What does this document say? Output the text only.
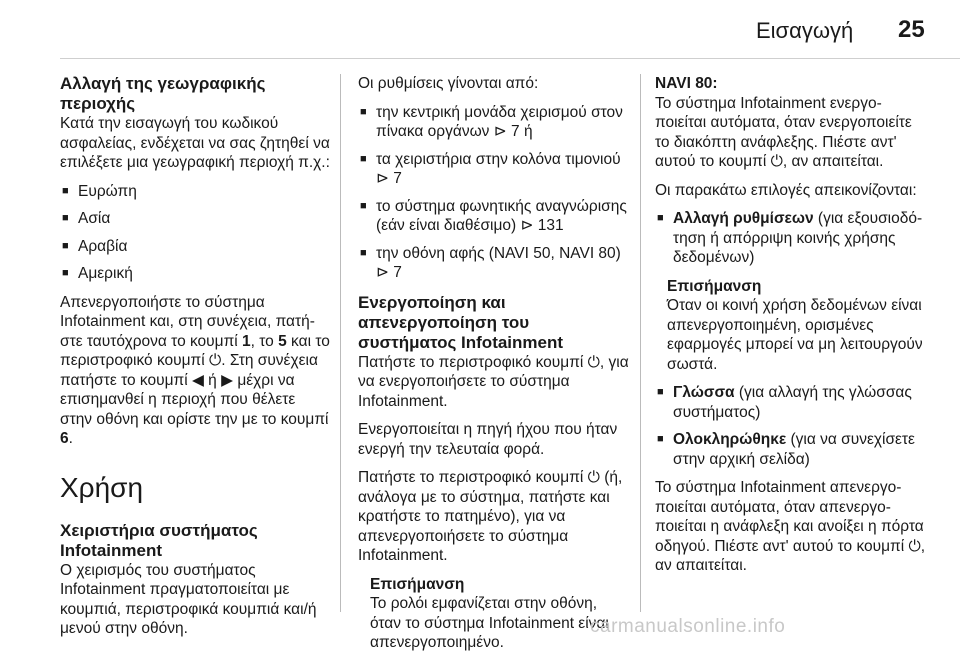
Εισαγωγή 25
Αλλαγή της γεωγραφικής περιοχής

Κατά την εισαγωγή του κωδικού ασφαλείας, ενδέχεται να σας ζητηθεί να επιλέξετε μια γεωγραφική περιοχή π.χ.:

■ Ευρώπη
■ Ασία
■ Αραβία
■ Αμερική

Απενεργοποιήστε το σύστημα Infotainment και, στη συνέχεια, πατήστε ταυτόχρονα το κουμπί 1, το 5 και το περιστροφικό κουμπί ⏻. Στη συνέχεια πατήστε το κουμπί ◀ ή ▶ μέχρι να επισημανθεί η περιοχή που θέλετε στην οθόνη και ορίστε την με το κουμπί 6.

Χρήση
Χειριστήρια συστήματος Infotainment

Ο χειρισμός του συστήματος Infotainment πραγματοποιείται με κουμπιά, περιστροφικά κουμπιά και/ή μενού στην οθόνη.

Οι ρυθμίσεις γίνονται από:

■ την κεντρική μονάδα χειρισμού στον πίνακα οργάνων ⊳ 7 ή
■ τα χειριστήρια στην κολόνα τιμονιού ⊳ 7
■ το σύστημα φωνητικής αναγνώρισης (εάν είναι διαθέσιμο) ⊳ 131
■ την οθόνη αφής (NAVI 50, NAVI 80) ⊳ 7
Ενεργοποίηση και απενεργοποίηση του συστήματος Infotainment

Πατήστε το περιστροφικό κουμπί ⏻, για να ενεργοποιήσετε το σύστημα Infotainment.

Ενεργοποιείται η πηγή ήχου που ήταν ενεργή την τελευταία φορά.

Πατήστε το περιστροφικό κουμπί ⏻ (ή, ανάλογα με το σύστημα, πατήστε και κρατήστε το πατημένο), για να απενεργοποιήσετε το σύστημα Infotainment.

Επισήμανση
Το ρολόι εμφανίζεται στην οθόνη, όταν το σύστημα Infotainment είναι απενεργοποιημένο.
NAVI 80:

Το σύστημα Infotainment ενεργοποιείται αυτόματα, όταν ενεργοποιείτε το διακόπτη ανάφλεξης. Πιέστε αντ' αυτού το κουμπί ⏻, αν απαιτείται.

Οι παρακάτω επιλογές απεικονίζονται:

■ Αλλαγή ρυθμίσεων (για εξουσιοδότηση ή απόρριψη κοινής χρήσης δεδομένων)
Επισήμανση
Όταν οι κοινή χρήση δεδομένων είναι απενεργοποιημένη, ορισμένες εφαρμογές μπορεί να μη λειτουργούν σωστά.
■ Γλώσσα (για αλλαγή της γλώσσας συστήματος)
■ Ολοκληρώθηκε (για να συνεχίσετε στην αρχική σελίδα)

Το σύστημα Infotainment απενεργοποιείται αυτόματα, όταν απενεργοποιείται η ανάφλεξη και ανοίξει η πόρτα οδηγού. Πιέστε αντ' αυτού το κουμπί ⏻, αν απαιτείται.

carmanualsonline.info
